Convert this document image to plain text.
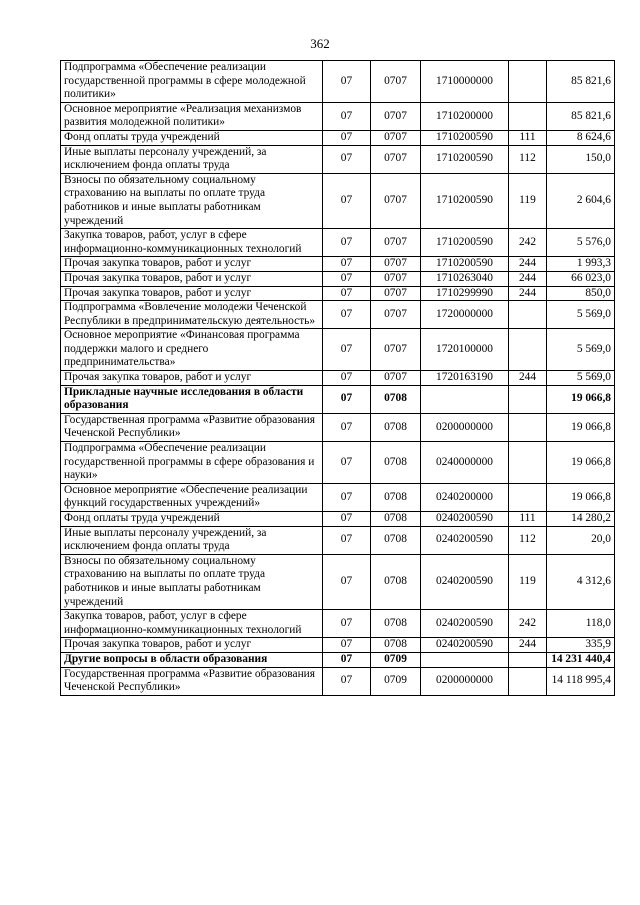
362
Подпрограмма «Обеспечение реализации государственной программы в сфере молодежной политики»	07	0707	1710000000		85 821,6
Основное мероприятие «Реализация механизмов развития молодежной политики»	07	0707	1710200000		85 821,6
Фонд оплаты труда учреждений	07	0707	1710200590	111	8 624,6
Иные выплаты персоналу учреждений, за исключением фонда оплаты труда	07	0707	1710200590	112	150,0
Взносы по обязательному социальному страхованию на выплаты по оплате труда работников и иные выплаты работникам учреждений	07	0707	1710200590	119	2 604,6
Закупка товаров, работ, услуг в сфере информационно-коммуникационных технологий	07	0707	1710200590	242	5 576,0
Прочая закупка товаров, работ и услуг	07	0707	1710200590	244	1 993,3
Прочая закупка товаров, работ и услуг	07	0707	1710263040	244	66 023,0
Прочая закупка товаров, работ и услуг	07	0707	1710299990	244	850,0
Подпрограмма «Вовлечение молодежи Чеченской Республики в предпринимательскую деятельность»	07	0707	1720000000		5 569,0
Основное мероприятие «Финансовая программа поддержки малого и среднего предпринимательства»	07	0707	1720100000		5 569,0
Прочая закупка товаров, работ и услуг	07	0707	1720163190	244	5 569,0
Прикладные научные исследования в области образования	07	0708			19 066,8
Государственная программа «Развитие образования Чеченской Республики»	07	0708	0200000000		19 066,8
Подпрограмма «Обеспечение реализации государственной программы в сфере образования и науки»	07	0708	0240000000		19 066,8
Основное мероприятие «Обеспечение реализации функций государственных учреждений»	07	0708	0240200000		19 066,8
Фонд оплаты труда учреждений	07	0708	0240200590	111	14 280,2
Иные выплаты персоналу учреждений, за исключением фонда оплаты труда	07	0708	0240200590	112	20,0
Взносы по обязательному социальному страхованию на выплаты по оплате труда работников и иные выплаты работникам учреждений	07	0708	0240200590	119	4 312,6
Закупка товаров, работ, услуг в сфере информационно-коммуникационных технологий	07	0708	0240200590	242	118,0
Прочая закупка товаров, работ и услуг	07	0708	0240200590	244	335,9
Другие вопросы в области образования	07	0709			14 231 440,4
Государственная программа «Развитие образования Чеченской Республики»	07	0709	0200000000		14 118 995,4
